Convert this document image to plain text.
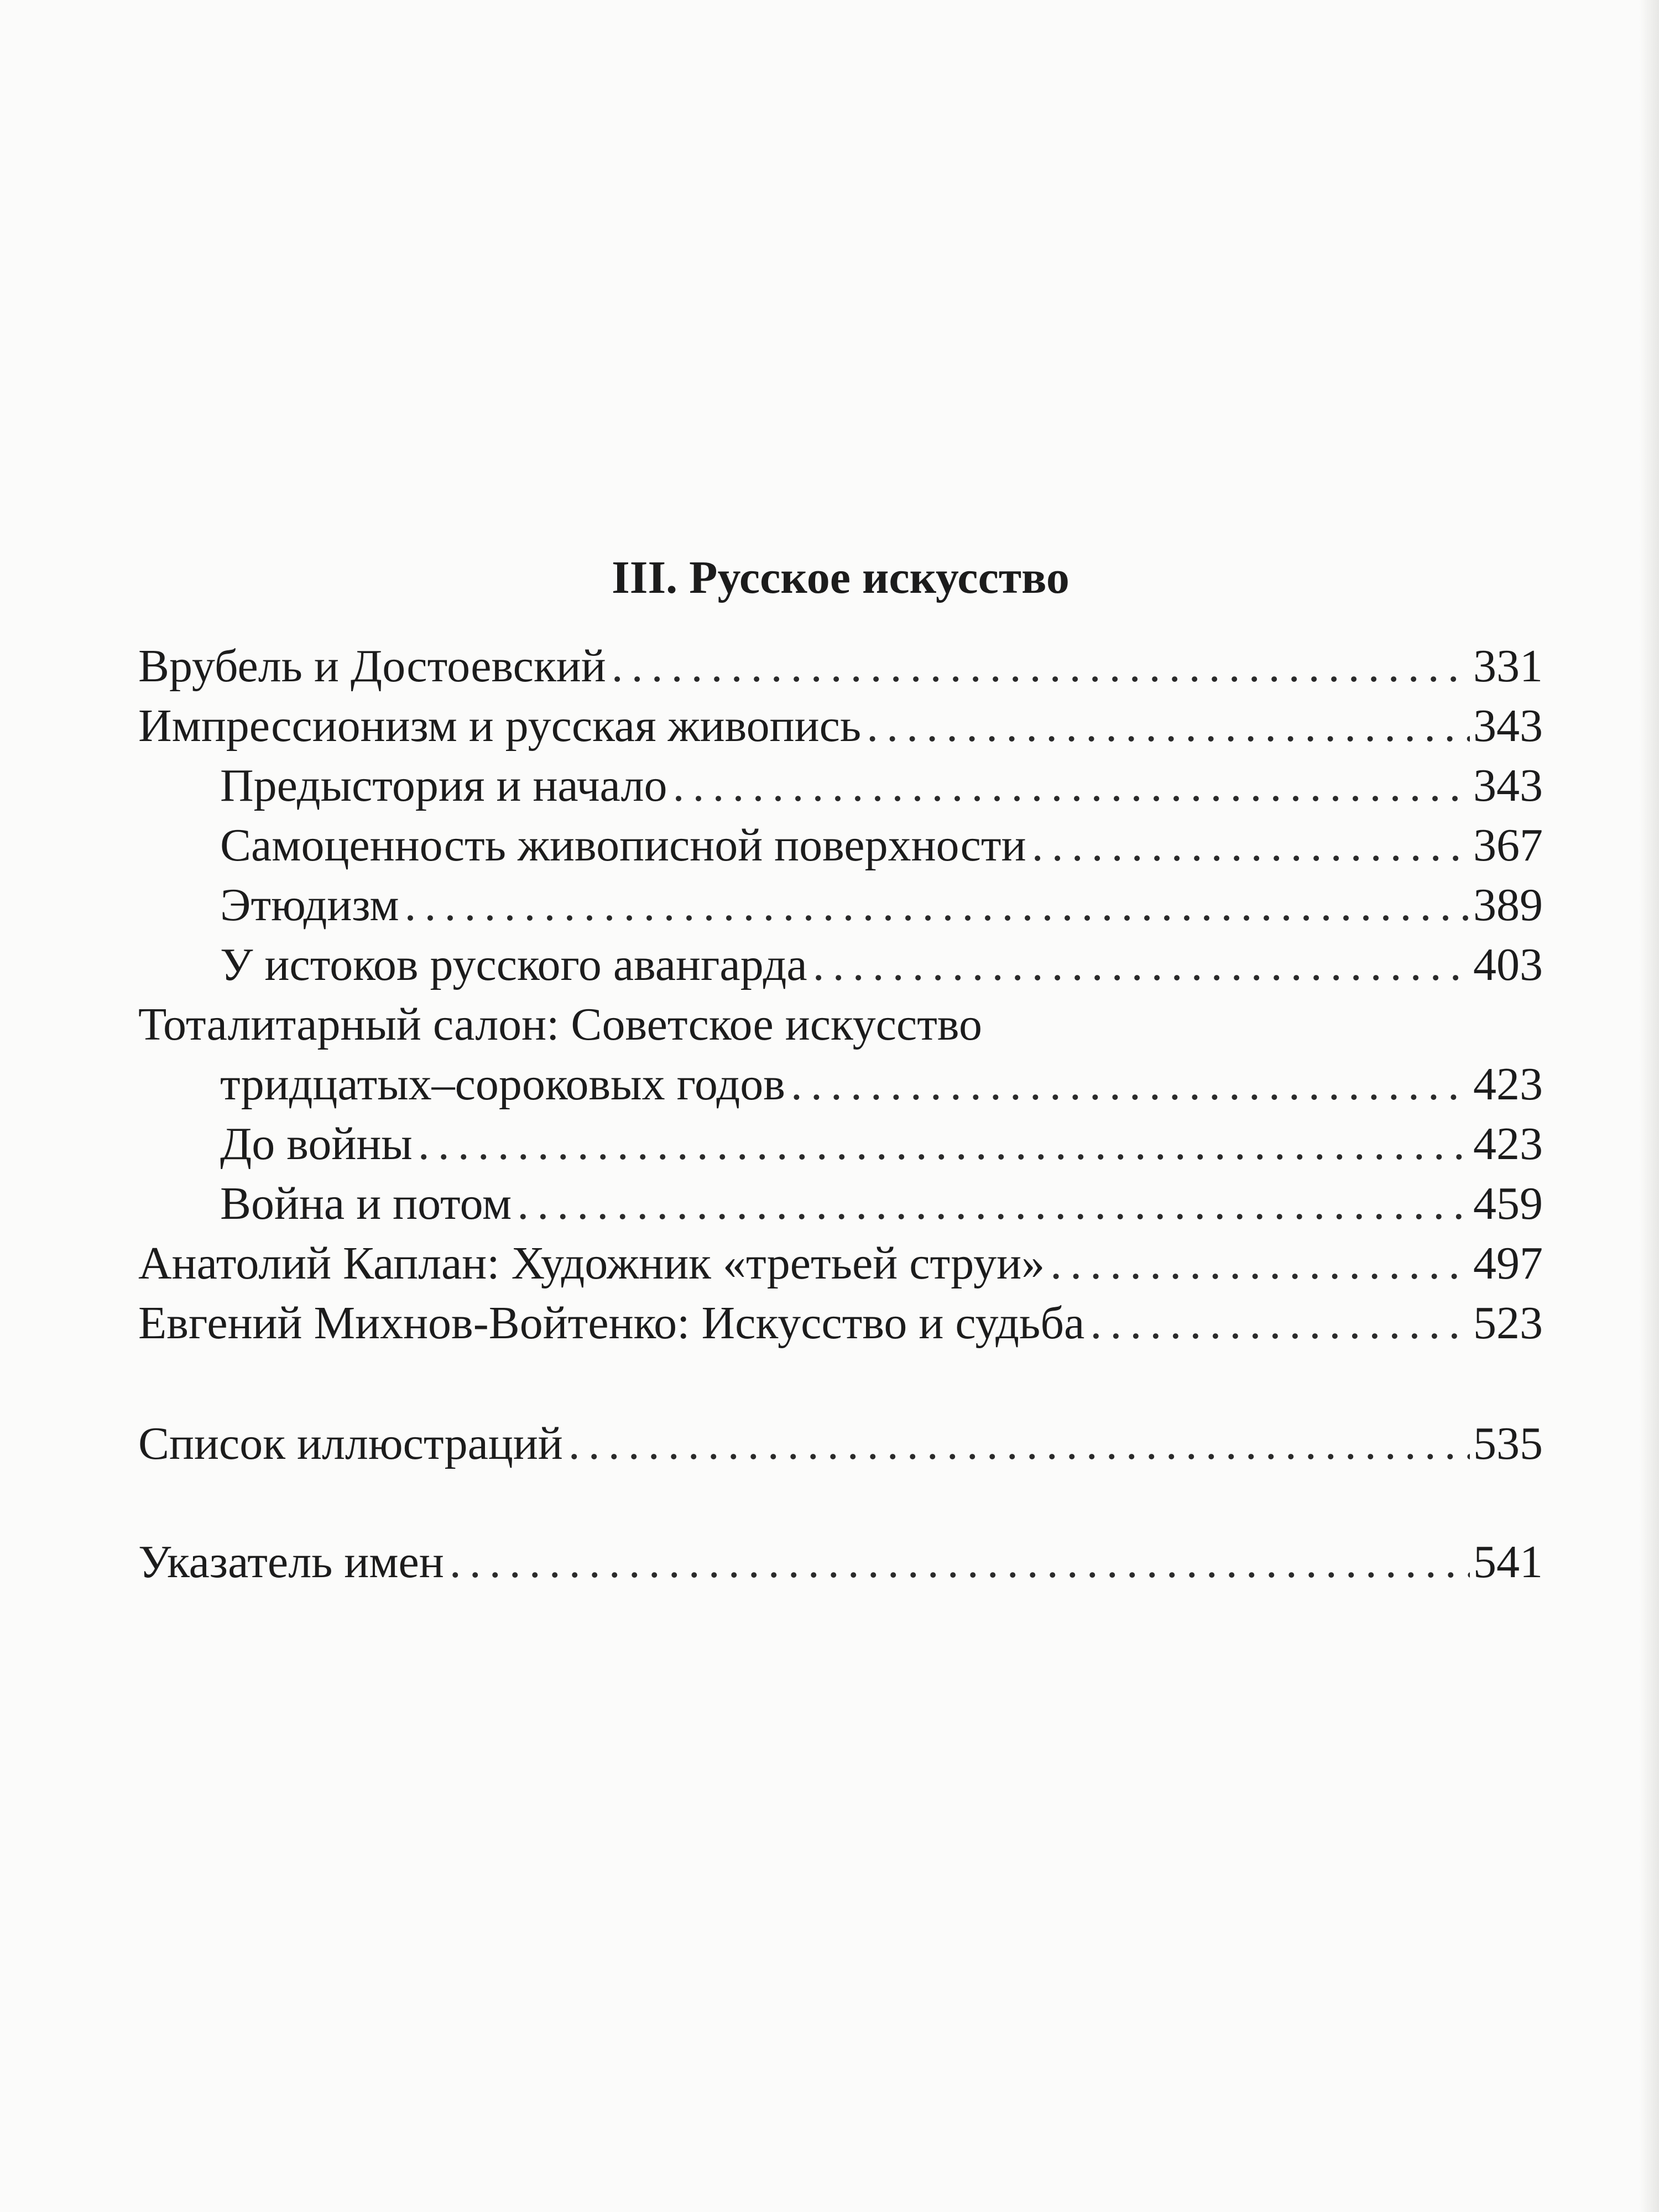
III. Русское искусство
Врубель и Достоевский . . .	331
Импрессионизм и русская живопись . . .	343
Предыстория и начало . . .	343
Самоценность живописной поверхности . . .	367
Этюдизм . . .	389
У истоков русского авангарда . . .	403
Тоталитарный салон: Советское искусство
тридцатых–сороковых годов . . .	423
До войны . . .	423
Война и потом . . .	459
Анатолий Каплан: Художник «третьей струи» . . .	497
Евгений Михнов-Войтенко: Искусство и судьба . . .	523
Список иллюстраций . . .	535
Указатель имен . . .	541
